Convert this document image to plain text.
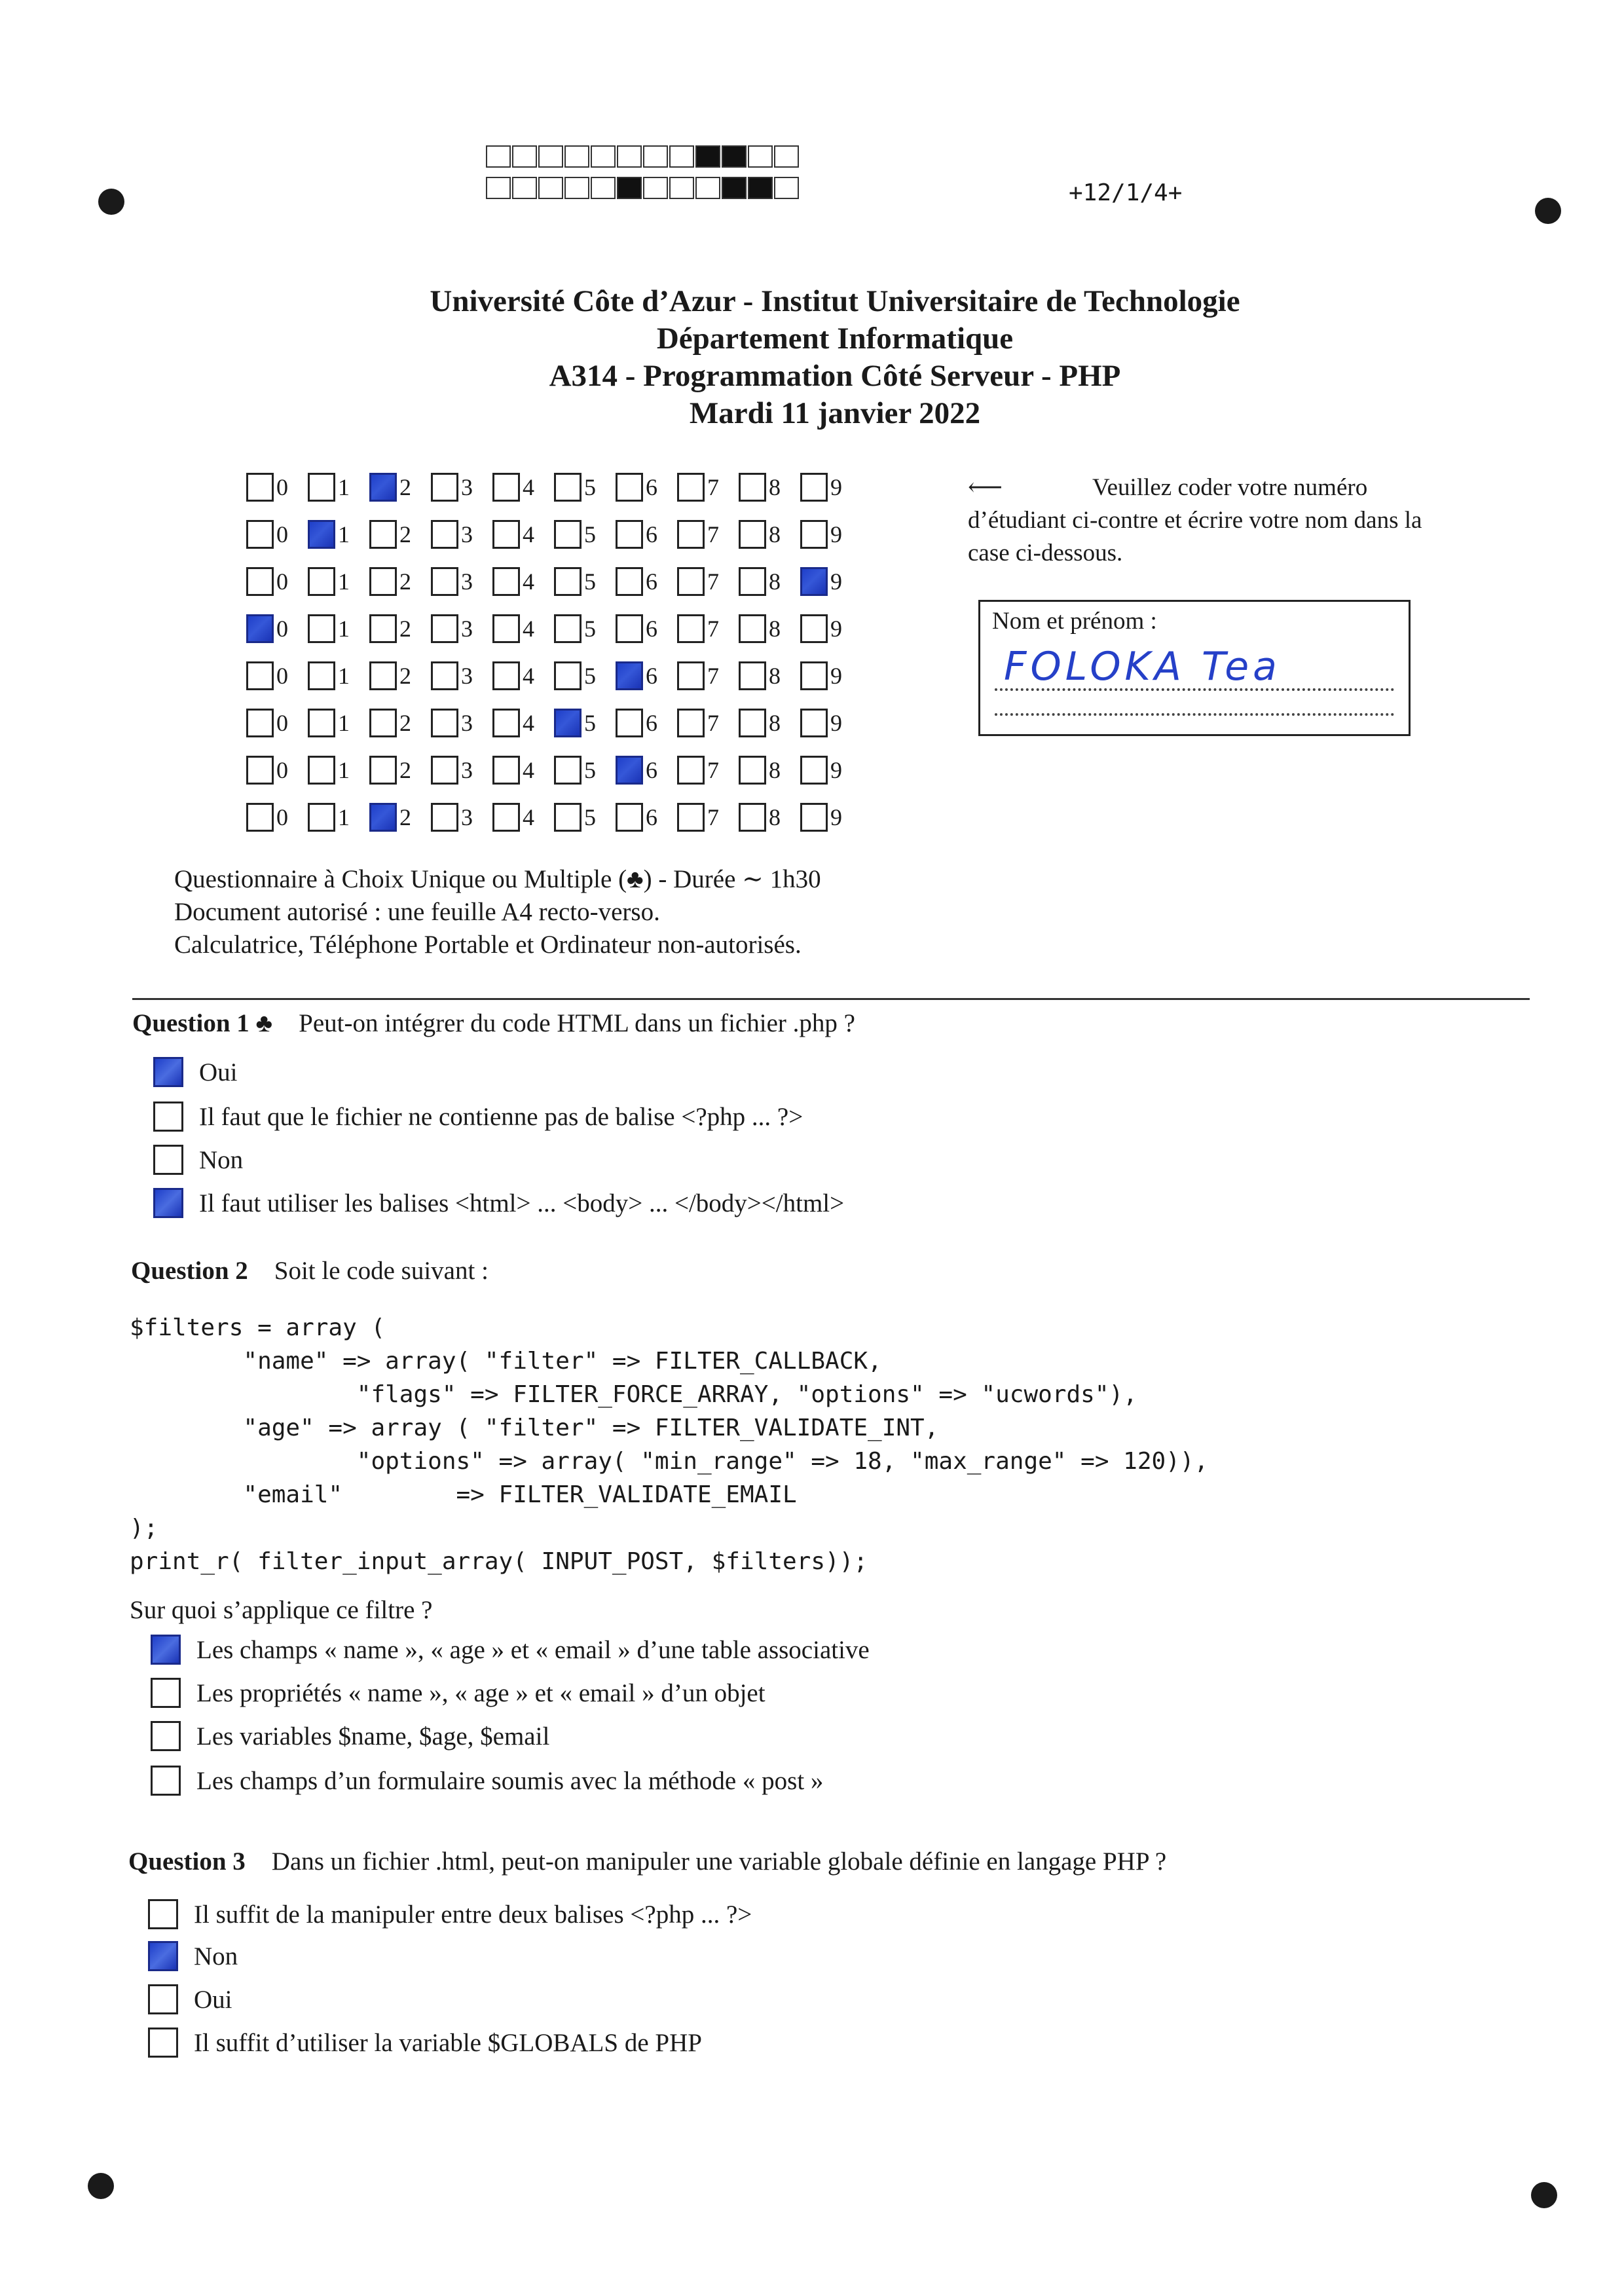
+12/1/4+
Université Côte d’Azur - Institut Universitaire de Technologie
Département Informatique
A314 - Programmation Côté Serveur - PHP
Mardi 11 janvier 2022
0 1 2 3 4 5 6 7 8 9
0 1 2 3 4 5 6 7 8 9
0 1 2 3 4 5 6 7 8 9
0 1 2 3 4 5 6 7 8 9
0 1 2 3 4 5 6 7 8 9
0 1 2 3 4 5 6 7 8 9
0 1 2 3 4 5 6 7 8 9
0 1 2 3 4 5 6 7 8 9
⟵	Veuillez coder votre numéro d’étudiant ci-contre et écrire votre nom dans la case ci-dessous.
Nom et prénom :
FOLOKA Tea
Questionnaire à Choix Unique ou Multiple (♣) - Durée ∼ 1h30
Document autorisé : une feuille A4 recto-verso.
Calculatrice, Téléphone Portable et Ordinateur non-autorisés.
Question 1 ♣ Peut-on intégrer du code HTML dans un fichier .php ?
Oui
Il faut que le fichier ne contienne pas de balise <?php ... ?>
Non
Il faut utiliser les balises <html> ... <body> ... </body></html>
Question 2 Soit le code suivant :
$filters = array (
"name" => array( "filter" => FILTER_CALLBACK,
"flags" => FILTER_FORCE_ARRAY, "options" => "ucwords"),
"age" => array ( "filter" => FILTER_VALIDATE_INT,
"options" => array( "min_range" => 18, "max_range" => 120)),
"email"        => FILTER_VALIDATE_EMAIL
);
print_r( filter_input_array( INPUT_POST, $filters));
Sur quoi s’applique ce filtre ?
Les champs « name », « age » et « email » d’une table associative
Les propriétés « name », « age » et « email » d’un objet
Les variables $name, $age, $email
Les champs d’un formulaire soumis avec la méthode « post »
Question 3 Dans un fichier .html, peut-on manipuler une variable globale définie en langage PHP ?
Il suffit de la manipuler entre deux balises <?php ... ?>
Non
Oui
Il suffit d’utiliser la variable $GLOBALS de PHP
